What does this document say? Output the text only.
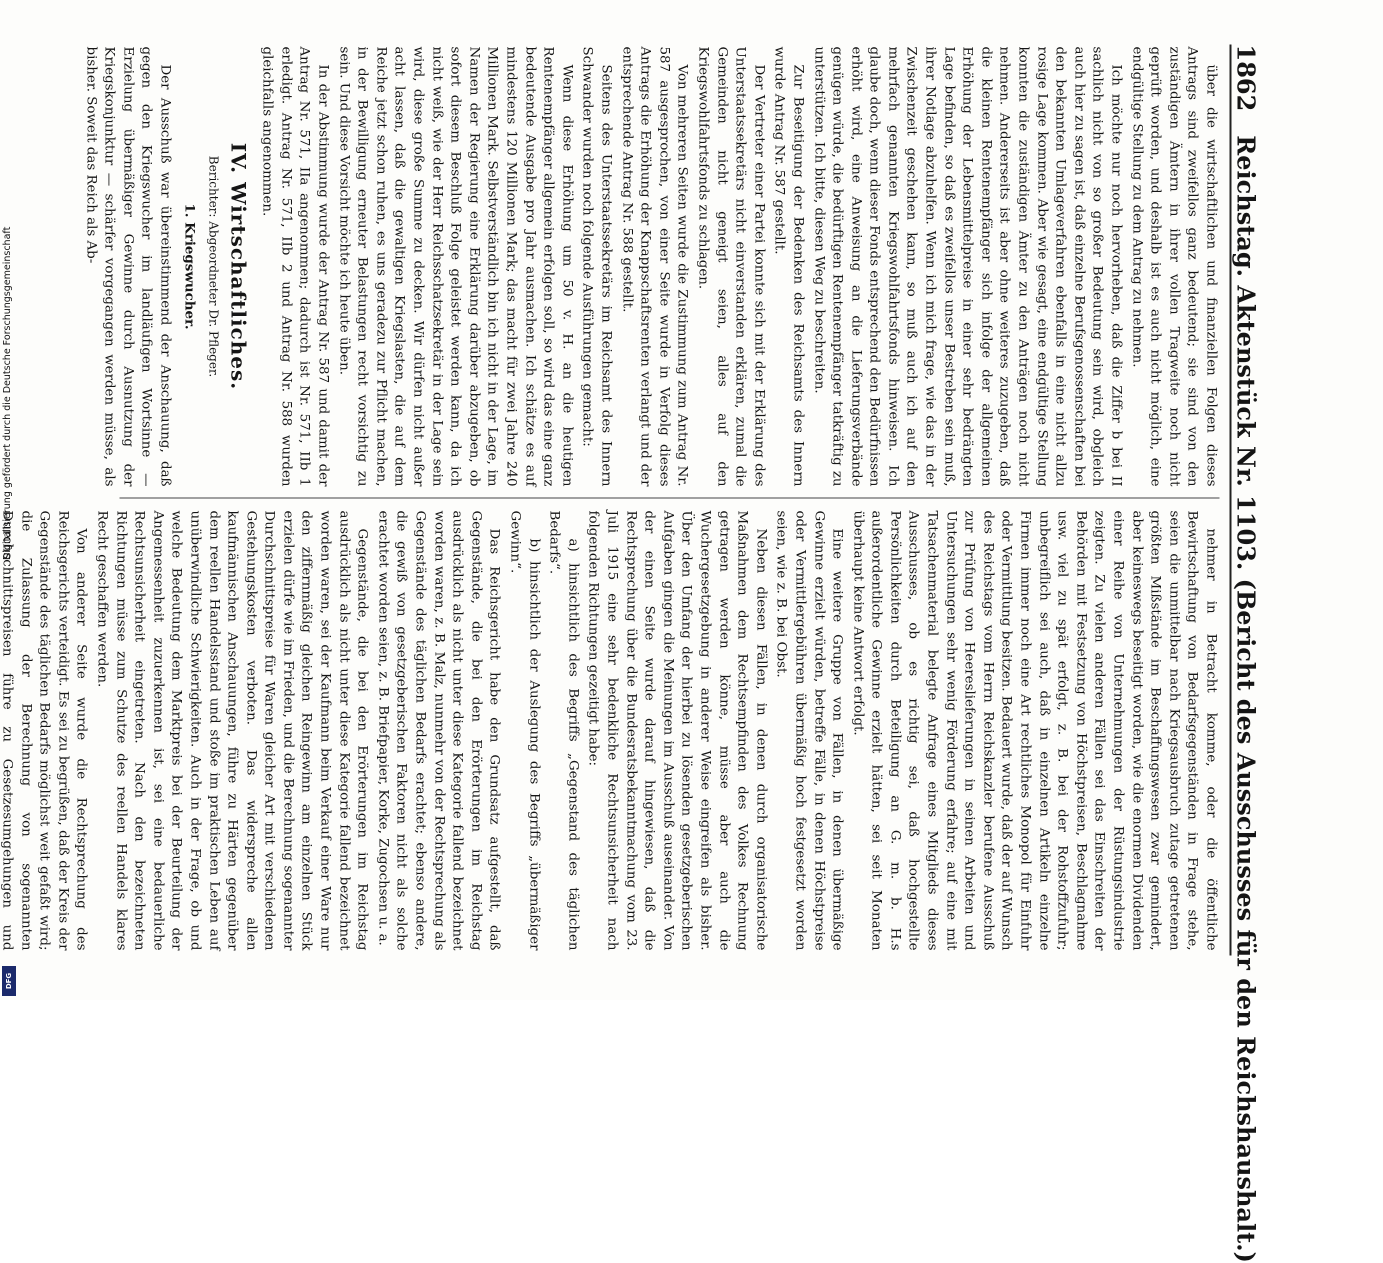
1862
Reichstag. Aktenstück Nr. 1103. (Bericht des Ausschusses für den Reichshaushalt.)

über die wirtschaftlichen und finanziellen Folgen dieses Antrags sind zweifellos ganz bedeutend; sie sind von den zuständigen Ämtern in ihrer vollen Tragweite noch nicht geprüft worden, und deshalb ist es auch nicht möglich, eine endgültige Stellung zu dem Antrag zu nehmen.

Ich möchte nur noch hervorheben, daß die Ziffer b bei II sachlich nicht von so großer Bedeutung sein wird, obgleich auch hier zu sagen ist, daß einzelne Berufsgenossenschaften bei den bekannten Umlageverfahren ebenfalls in eine nicht allzu rosige Lage kommen. Aber wie gesagt, eine endgültige Stellung konnten die zuständigen Ämter zu den Anträgen noch nicht nehmen. Andererseits ist aber ohne weiteres zuzugeben, daß die kleinen Rentenempfänger sich infolge der allgemeinen Erhöhung der Lebensmittelpreise in einer sehr bedrängten Lage befinden, so daß es zweifellos unser Bestreben sein muß, ihrer Notlage abzuhelfen. Wenn ich mich frage, wie das in der Zwischenzeit geschehen kann, so muß auch ich auf den mehrfach genannten Kriegswohlfahrtsfonds hinweisen. Ich glaube doch, wenn dieser Fonds entsprechend den Bedürfnissen erhöht wird, eine Anweisung an die Lieferungsverbände genügen würde, die bedürftigen Rentenempfänger tatkräftig zu unterstützen. Ich bitte, diesen Weg zu beschreiten.

Zur Beseitigung der Bedenken des Reichsamts des Innern wurde Antrag Nr. 587 gestellt.

Der Vertreter einer Partei konnte sich mit der Erklärung des Unterstaatssekretärs nicht einverstanden erklären, zumal die Gemeinden nicht geneigt seien, alles auf den Kriegswohlfahrtsfonds zu schlagen.

Von mehreren Seiten wurde die Zustimmung zum Antrag Nr. 587 ausgesprochen, von einer Seite wurde in Verfolg dieses Antrags die Erhöhung der Knappschaftsrenten verlangt und der entsprechende Antrag Nr. 588 gestellt.

Seitens des Unterstaatssekretärs im Reichsamt des Innern Schwander wurden noch folgende Ausführungen gemacht:

Wenn diese Erhöhung um 50 v. H. an die heutigen Rentenempfänger allgemein erfolgen soll, so wird das eine ganz bedeutende Ausgabe pro Jahr ausmachen. Ich schätze es auf mindestens 120 Millionen Mark; das macht für zwei Jahre 240 Millionen Mark. Selbstverständlich bin ich nicht in der Lage, im Namen der Regierung eine Erklärung darüber abzugeben, ob sofort diesem Beschluß Folge geleistet werden kann, da ich nicht weiß, wie der Herr Reichsschatzsekretär in der Lage sein wird, diese große Summe zu decken. Wir dürfen nicht außer acht lassen, daß die gewaltigen Kriegslasten, die auf dem Reiche jetzt schon ruhen, es uns geradezu zur Pflicht machen, in der Bewilligung erneuter Belastungen recht vorsichtig zu sein. Und diese Vorsicht möchte ich heute üben.

In der Abstimmung wurde der Antrag Nr. 587 und damit der Antrag Nr. 571, IIa angenommen; dadurch ist Nr. 571, IIb 1 erledigt. Antrag Nr. 571, IIb 2 und Antrag Nr. 588 wurden gleichfalls angenommen.

IV. Wirtschaftliches.

Berichter: Abgeordneter Dr. Pfleger.

1. Kriegswucher.

Der Ausschuß war übereinstimmend der Anschauung, daß gegen den Kriegswucher im landläufigen Wortsinne — Erzielung übermäßiger Gewinne durch Ausnutzung der Kriegskonjunktur — schärfer vorgegangen werden müsse, als bisher. Soweit das Reich als Ab-

nehmer in Betracht komme, oder die öffentliche Bewirtschaftung von Bedarfsgegenständen in Frage stehe, seien die unmittelbar nach Kriegsausbruch zutage getretenen größten Mißstände im Beschaffungswesen zwar gemindert, aber keineswegs beseitigt worden, wie die enormen Dividenden einer Reihe von Unternehmungen der Rüstungsindustrie zeigten. Zu vielen anderen Fällen sei das Einschreiten der Behörden mit Festsetzung von Höchstpreisen, Beschlagnahme usw. viel zu spät erfolgt, z. B. bei der Rohstoffzufuhr; unbegreiflich sei auch, daß in einzelnen Artikeln einzelne Firmen immer noch eine Art rechtliches Monopol für Einfuhr oder Vermittlung besitzen. Bedauert wurde, daß der auf Wunsch des Reichstags vom Herrn Reichskanzler berufene Ausschuß zur Prüfung von Heereslieferungen in seinen Arbeiten und Untersuchungen sehr wenig Förderung erfahre; auf eine mit Tatsachenmaterial belegte Anfrage eines Mitglieds dieses Ausschusses, ob es richtig sei, daß hochgestellte Persönlichkeiten durch Beteiligung an G. m. b. H.s außerordentliche Gewinne erzielt hätten, sei seit Monaten überhaupt keine Antwort erfolgt.

Eine weitere Gruppe von Fällen, in denen übermäßige Gewinne erzielt würden, betreffe Fälle, in denen Höchstpreise oder Vermittlergebühren übermäßig hoch festgesetzt worden seien, wie z. B. bei Obst.

Neben diesen Fällen, in denen durch organisatorische Maßnahmen dem Rechtsempfinden des Volkes Rechnung getragen werden könne, müsse aber auch die Wuchergesetzgebung in anderer Weise eingreifen als bisher. Über den Umfang der hierbei zu lösenden gesetzgeberischen Aufgaben gingen die Meinungen im Ausschuß auseinander. Von der einen Seite wurde darauf hingewiesen, daß die Rechtsprechung über die Bundesratsbekanntmachung vom 23. Juli 1915 eine sehr bedenkliche Rechtsunsicherheit nach folgenden Richtungen gezeitigt habe:

a) hinsichtlich des Begriffs „Gegenstand des täglichen Bedarfs“.

b) hinsichtlich der Auslegung des Begriffs „übermäßiger Gewinn“.

Das Reichsgericht habe den Grundsatz aufgestellt, daß Gegenstände, die bei den Erörterungen im Reichstag ausdrücklich als nicht unter diese Kategorie fallend bezeichnet worden waren, z. B. Malz, nunmehr von der Rechtsprechung als Gegenstände des täglichen Bedarfs erachtet; ebenso andere, die gewiß von gesetzgeberischen Faktoren nicht als solche erachtet worden seien, z. B. Briefpapier, Korke, Zugochsen u. a.

Gegenstände, die bei den Erörterungen im Reichstag ausdrücklich als nicht unter diese Kategorie fallend bezeichnet worden waren, sei der Kaufmann beim Verkauf einer Ware nur den ziffernmäßig gleichen Reingewinn am einzelnen Stück erzielen dürfe wie im Frieden, und die Berechnung sogenannter Durchschnittspreise für Waren gleicher Art mit verschiedenen Gestehungskosten verboten. Das widerspreche allen kaufmännischen Anschauungen, führe zu Härten gegenüber dem reellen Handelsstand und stoße im praktischen Leben auf unüberwindliche Schwierigkeiten. Auch in der Frage, ob und welche Bedeutung dem Marktpreis bei der Beurteilung der Angemessenheit zuzuerkennen ist, sei eine bedauerliche Rechtsunsicherheit eingetreten. Nach den bezeichneten Richtungen müsse zum Schutze des reellen Handels klares Recht geschaffen werden.

Von anderer Seite wurde die Rechtsprechung des Reichsgerichts verteidigt. Es sei zu begrüßen, daß der Kreis der Gegenstände des täglichen Bedarfs möglichst weit gefaßt wird; die Zulassung der Berechnung von sogenannten Durchschnittspreisen führe zu Gesetzesumgehungen und

Digitalisierung gefördert durch die Deutsche Forschungsgemeinschaft
DFG
